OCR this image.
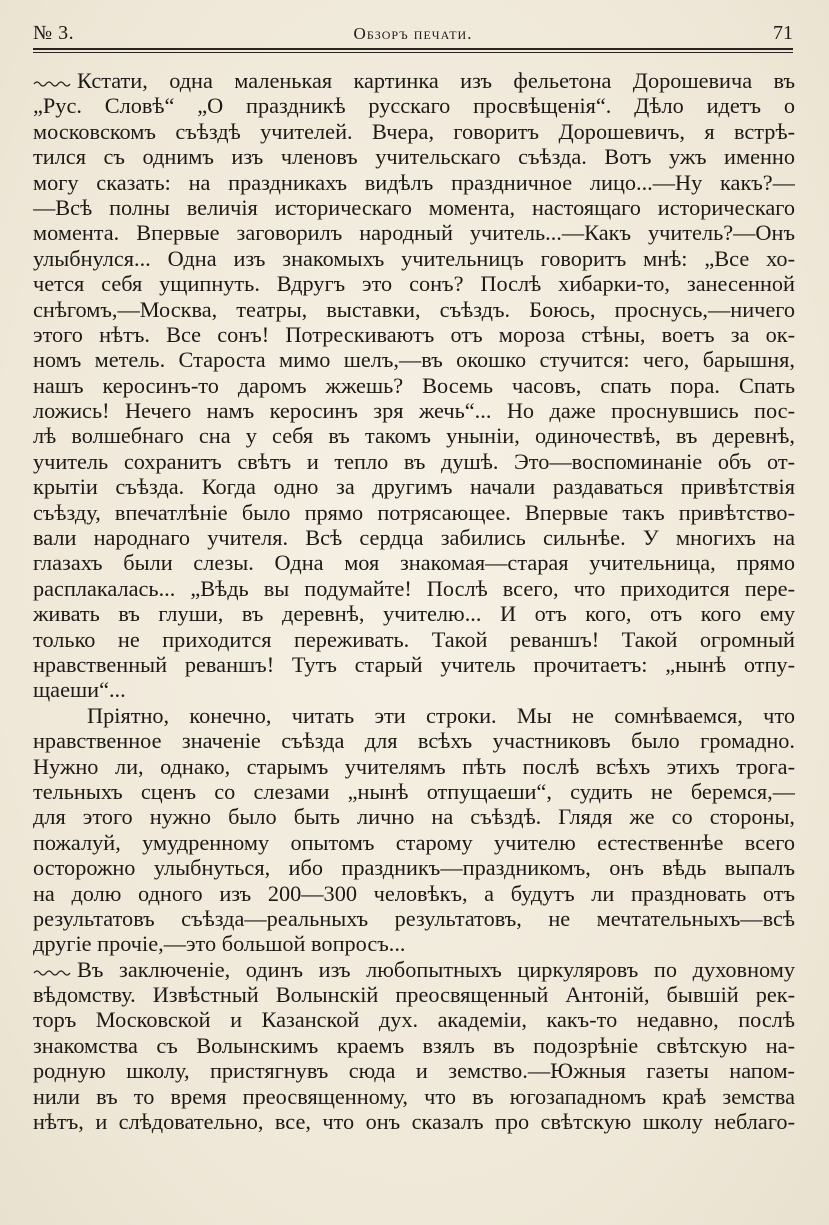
№ 3.	Обзоръ печати.	71
Кстати, одна маленькая картинка изъ фельетона Дорошевича въ
„Рус. Словѣ“ „О праздникѣ русскаго просвѣщенія“. Дѣло идетъ о
московскомъ съѣздѣ учителей. Вчера, говоритъ Дорошевичъ, я встрѣ-
тился съ однимъ изъ членовъ учительскаго съѣзда. Вотъ ужъ именно
могу сказать: на праздникахъ видѣлъ праздничное лицо...—Ну какъ?—
—Всѣ полны величія историческаго момента, настоящаго историческаго
момента. Впервые заговорилъ народный учитель...—Какъ учитель?—Онъ
улыбнулся... Одна изъ знакомыхъ учительницъ говоритъ мнѣ: „Все хо-
чется себя ущипнуть. Вдругъ это сонъ? Послѣ хибарки-то, занесенной
снѣгомъ,—Москва, театры, выставки, съѣздъ. Боюсь, проснусь,—ничего
этого нѣтъ. Все сонъ! Потрескиваютъ отъ мороза стѣны, воетъ за ок-
номъ метель. Староста мимо шелъ,—въ окошко стучится: чего, барышня,
нашъ керосинъ-то даромъ жжешь? Восемь часовъ, спать пора. Спать
ложись! Нечего намъ керосинъ зря жечь“... Но даже проснувшись пос-
лѣ волшебнаго сна у себя въ такомъ уныніи, одиночествѣ, въ деревнѣ,
учитель сохранитъ свѣтъ и тепло въ душѣ. Это—воспоминаніе объ от-
крытіи съѣзда. Когда одно за другимъ начали раздаваться привѣтствія
съѣзду, впечатлѣніе было прямо потрясающее. Впервые такъ привѣтство-
вали народнаго учителя. Всѣ сердца забились сильнѣе. У многихъ на
глазахъ были слезы. Одна моя знакомая—старая учительница, прямо
расплакалась... „Вѣдь вы подумайте! Послѣ всего, что приходится пере-
живать въ глуши, въ деревнѣ, учителю... И отъ кого, отъ кого ему
только не приходится переживать. Такой реваншъ! Такой огромный
нравственный реваншъ! Тутъ старый учитель прочитаетъ: „нынѣ отпу-
щаеши“...
Пріятно, конечно, читать эти строки. Мы не сомнѣваемся, что
нравственное значеніе съѣзда для всѣхъ участниковъ было громадно.
Нужно ли, однако, старымъ учителямъ пѣть послѣ всѣхъ этихъ трога-
тельныхъ сценъ со слезами „нынѣ отпущаеши“, судить не беремся,—
для этого нужно было быть лично на съѣздѣ. Глядя же со стороны,
пожалуй, умудренному опытомъ старому учителю естественнѣе всего
осторожно улыбнуться, ибо праздникъ—праздникомъ, онъ вѣдь выпалъ
на долю одного изъ 200—300 человѣкъ, а будутъ ли праздновать отъ
результатовъ съѣзда—реальныхъ результатовъ, не мечтательныхъ—всѣ
другіе прочіе,—это большой вопросъ...
Въ заключеніе, одинъ изъ любопытныхъ циркуляровъ по духовному
вѣдомству. Извѣстный Волынскій преосвященный Антоній, бывшій рек-
торъ Московской и Казанской дух. академіи, какъ-то недавно, послѣ
знакомства съ Волынскимъ краемъ взялъ въ подозрѣніе свѣтскую на-
родную школу, пристягнувъ сюда и земство.—Южныя газеты напом-
нили въ то время преосвященному, что въ югозападномъ краѣ земства
нѣтъ, и слѣдовательно, все, что онъ сказалъ про свѣтскую школу неблаго-
